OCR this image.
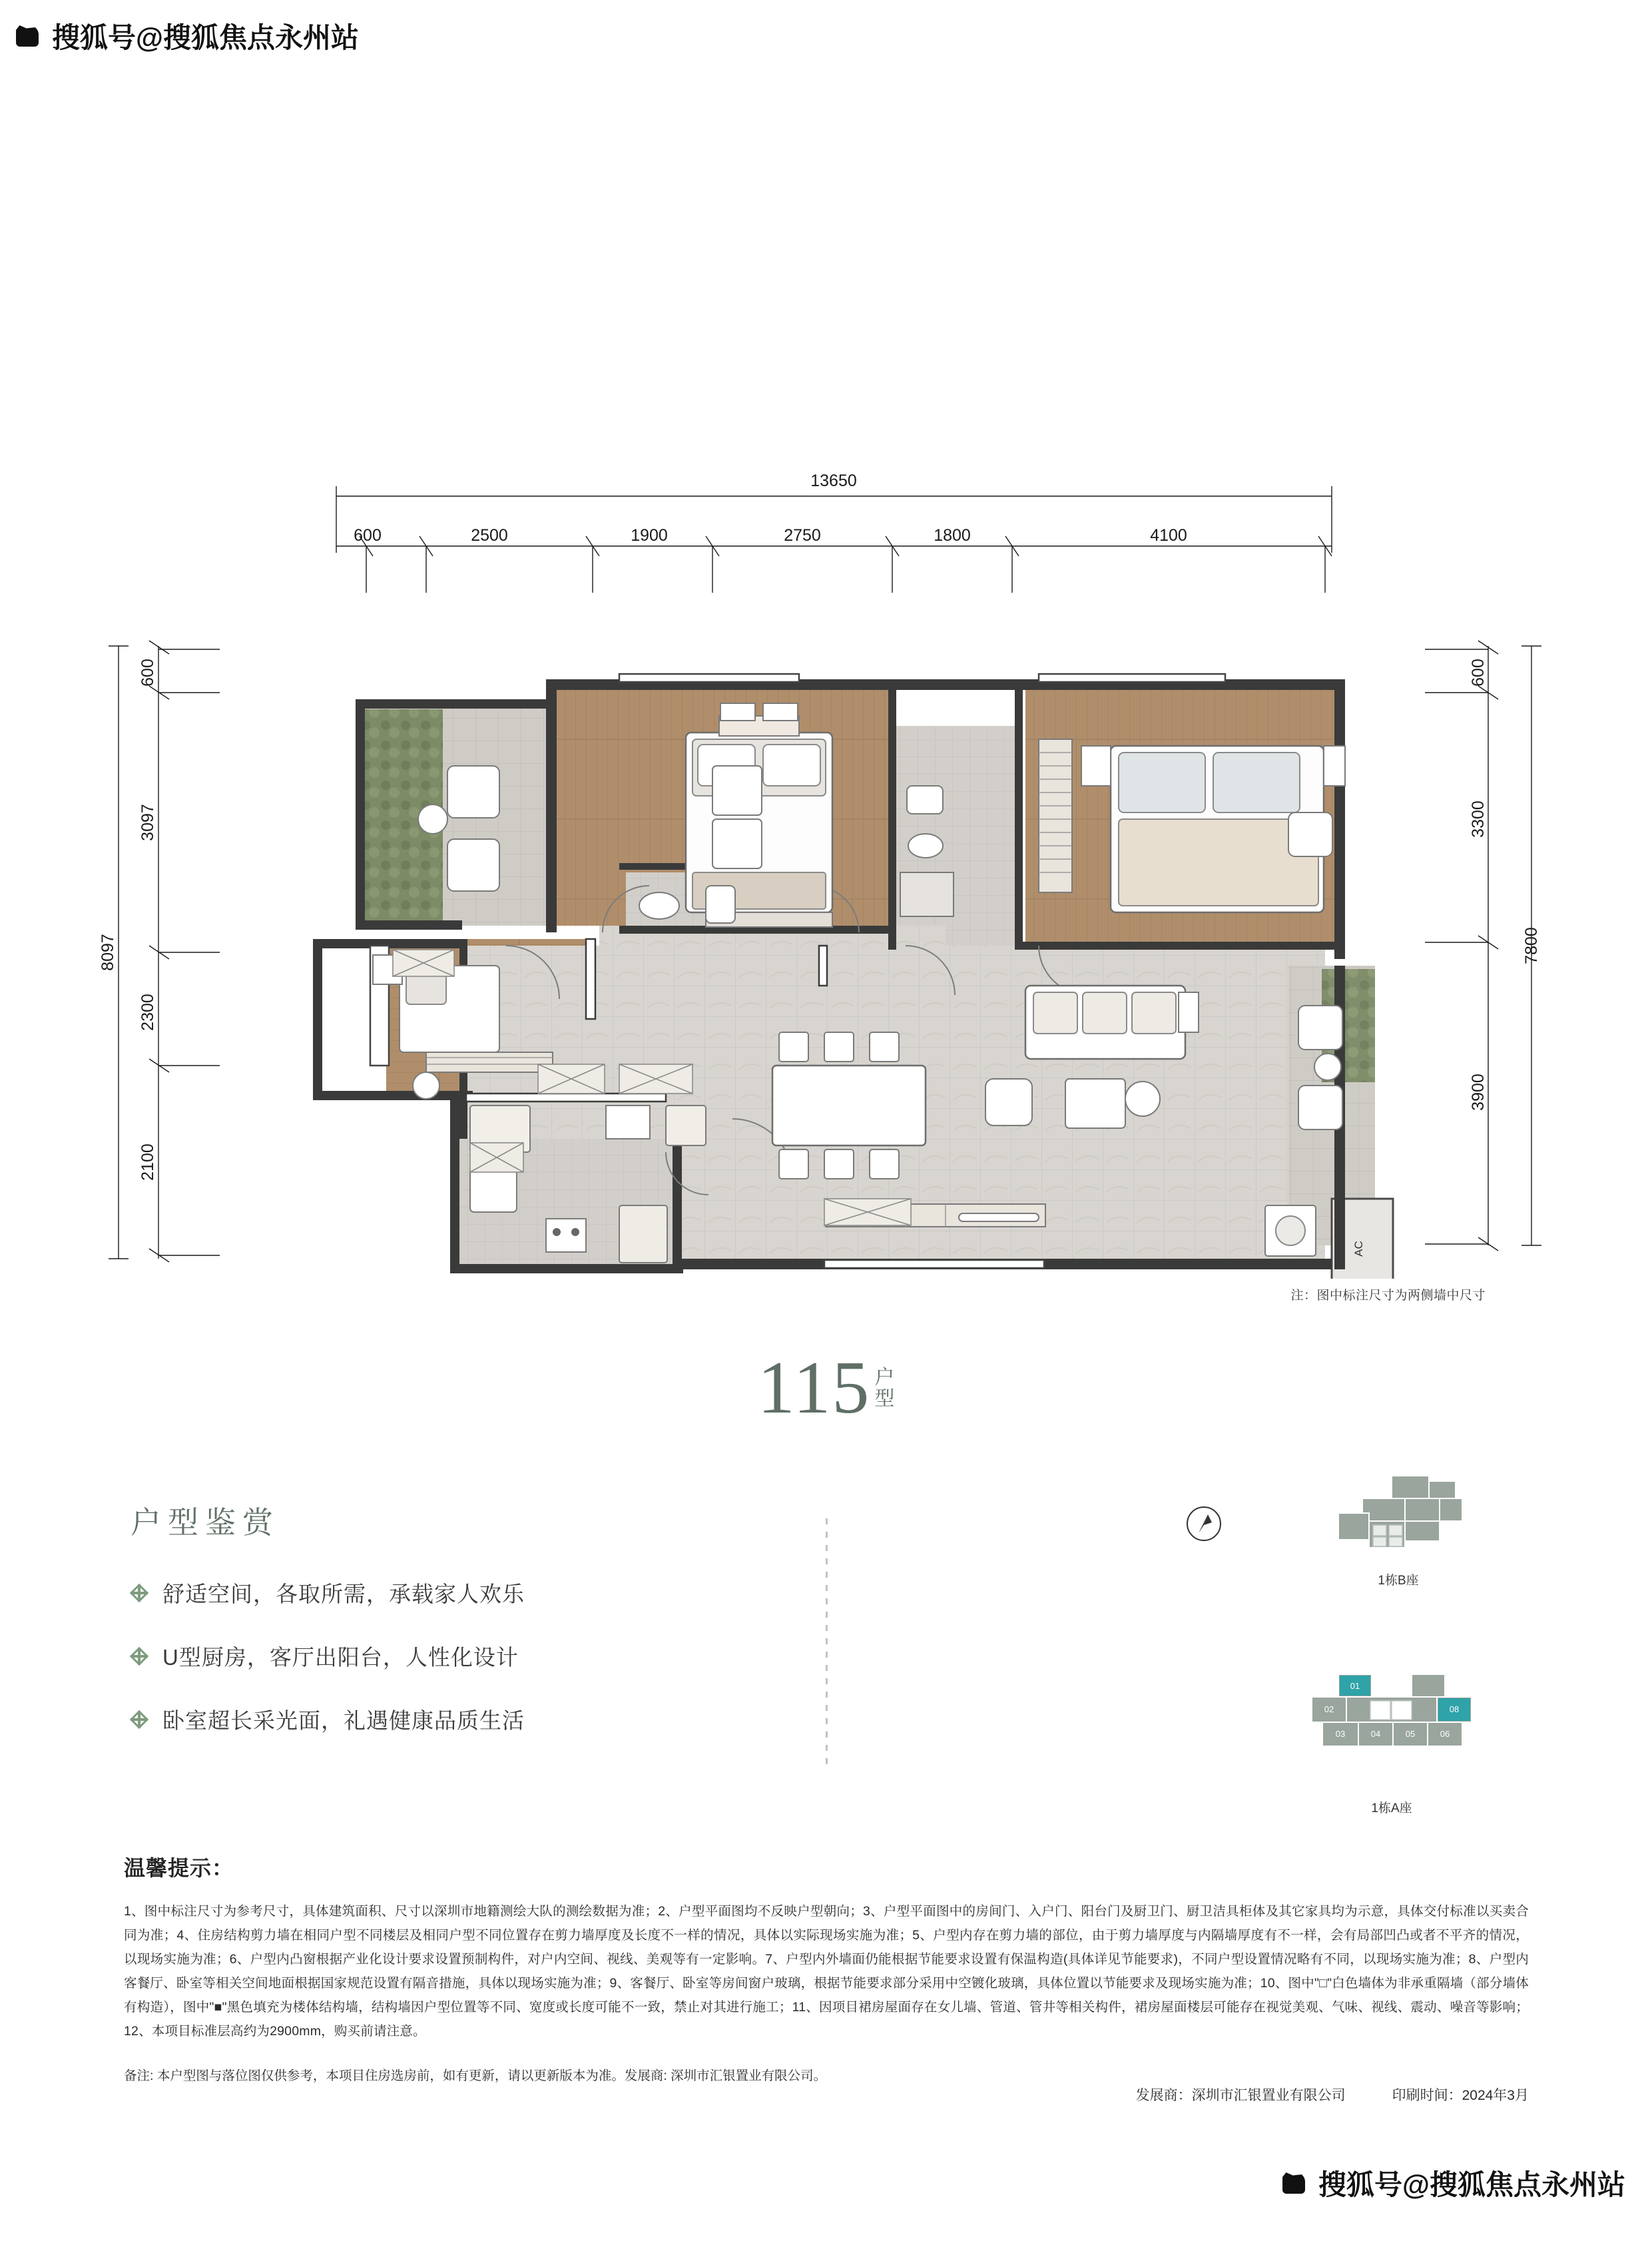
搜狐号@搜狐焦点永州站
13650
600	2500	1900	2750	1800	4100
8097
600
3097
2300
2100
7800
600
3300
3900
AC
注：图中标注尺寸为两侧墙中尺寸
115 户
型
户型鉴赏
舒适空间，各取所需，承载家人欢乐
U型厨房，客厅出阳台，人性化设计
卧室超长采光面，礼遇健康品质生活
1栋B座
01
02	08
03	04	05	06
07
1栋A座
温馨提示：

1、图中标注尺寸为参考尺寸，具体建筑面积、尺寸以深圳市地籍测绘大队的测绘数据为准；2、户型平面图均不反映户型朝向；3、户型平面图中的房间门、入户门、阳台门及厨卫门、厨卫洁具柜体及其它家具均为示意，具体交付标准以买卖合同为准；4、住房结构剪力墙在相同户型不同楼层及相同户型不同位置存在剪力墙厚度及长度不一样的情况，具体以实际现场实施为准；5、户型内存在剪力墙的部位，由于剪力墙厚度与内隔墙厚度有不一样，会有局部凹凸或者不平齐的情况，以现场实施为准；6、户型内凸窗根据产业化设计要求设置预制构件，对户内空间、视线、美观等有一定影响。7、户型内外墙面仍能根据节能要求设置有保温构造(具体详见节能要求)，不同户型设置情况略有不同，以现场实施为准；8、户型内客餐厅、卧室等相关空间地面根据国家规范设置有隔音措施，具体以现场实施为准；9、客餐厅、卧室等房间窗户玻璃，根据节能要求部分采用中空镀化玻璃，具体位置以节能要求及现场实施为准；10、图中"□"白色墙体为非承重隔墙（部分墙体有构造），图中"■"黑色填充为楼体结构墙，结构墙因户型位置等不同、宽度或长度可能不一致，禁止对其进行施工；11、因项目裙房屋面存在女儿墙、管道、管井等相关构件，裙房屋面楼层可能存在视觉美观、气味、视线、震动、噪音等影响；12、本项目标准层高约为2900mm，购买前请注意。

备注: 本户型图与落位图仅供参考，本项目住房选房前，如有更新，请以更新版本为准。发展商: 深圳市汇银置业有限公司。

发展商：深圳市汇银置业有限公司	印刷时间：2024年3月
搜狐号@搜狐焦点永州站
